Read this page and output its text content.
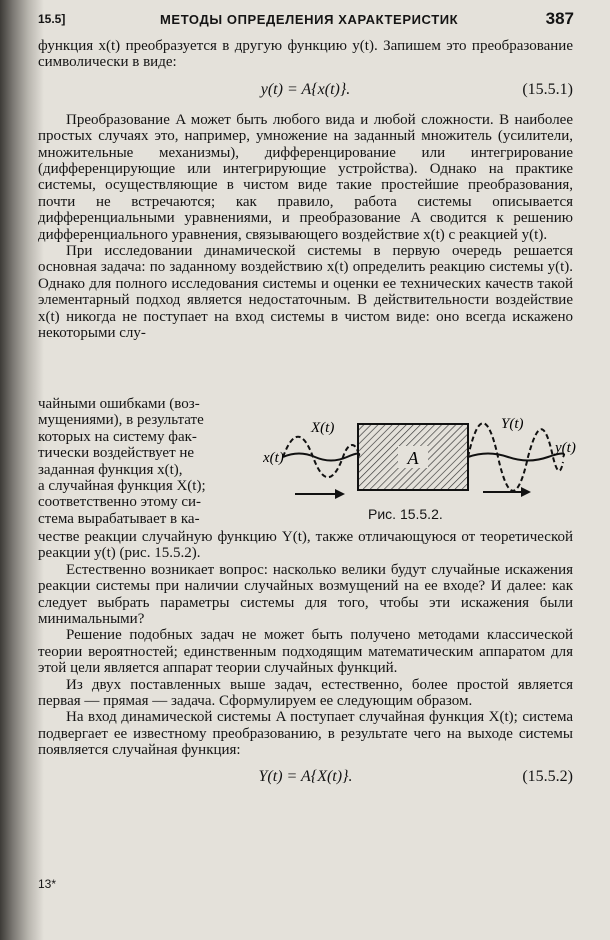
15.5]	МЕТОДЫ ОПРЕДЕЛЕНИЯ ХАРАКТЕРИСТИК	387

функция x(t) преобразуется в другую функцию y(t). Запишем это преобразование символически в виде:

y(t) = A{x(t)}.	(15.5.1)

Преобразование A может быть любого вида и любой сложности. В наиболее простых случаях это, например, умножение на заданный множитель (усилители, множительные механизмы), дифференцирование или интегрирование (дифференцирующие или интегрирующие устройства). Однако на практике системы, осуществляющие в чистом виде такие простейшие преобразования, почти не встречаются; как правило, работа системы описывается дифференциальными уравнениями, и преобразование A сводится к решению дифференциального уравнения, связывающего воздействие x(t) с реакцией y(t).

При исследовании динамической системы в первую очередь решается основная задача: по заданному воздействию x(t) определить реакцию системы y(t). Однако для полного исследования системы и оценки ее технических качеств такой элементарный подход является недостаточным. В действительности воздействие x(t) никогда не поступает на вход системы в чистом виде: оно всегда искажено некоторыми слу-

чайными ошибками (воз-
мущениями), в результате
которых на систему фак-
тически воздействует не
заданная функция x(t),
а случайная функция X(t);
соответственно этому си-
стема вырабатывает в ка-
A
x(t)
X(t)	Y(t)
y(t)
Рис. 15.5.2.

честве реакции случайную функцию Y(t), также отличающуюся от теоретической реакции y(t) (рис. 15.5.2).

Естественно возникает вопрос: насколько велики будут случайные искажения реакции системы при наличии случайных возмущений на ее входе? И далее: как следует выбрать параметры системы для того, чтобы эти искажения были минимальными?

Решение подобных задач не может быть получено методами классической теории вероятностей; единственным подходящим математическим аппаратом для этой цели является аппарат теории случайных функций.

Из двух поставленных выше задач, естественно, более простой является первая — прямая — задача. Сформулируем ее следующим образом.

На вход динамической системы A поступает случайная функция X(t); система подвергает ее известному преобразованию, в результате чего на выходе системы появляется случайная функция:

Y(t) = A{X(t)}.	(15.5.2)
13*
